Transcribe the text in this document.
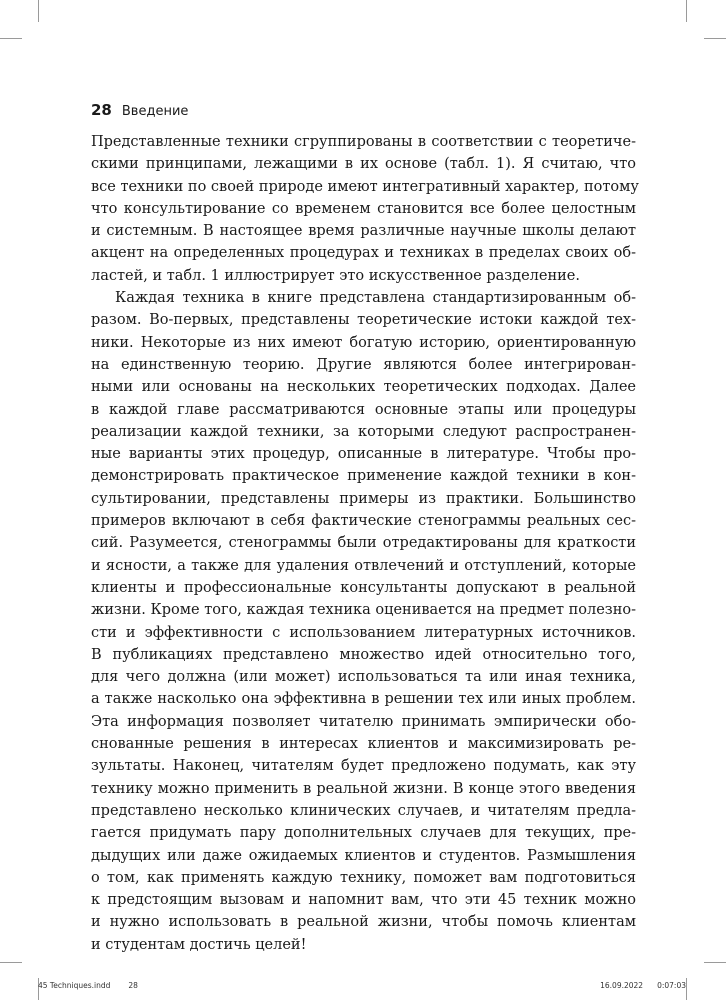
28 Введение
Представленные техники сгруппированы в соответствии с теоретиче-
скими принципами, лежащими в их основе (табл. 1). Я считаю, что
все техники по своей природе имеют интегративный характер, потому
что консультирование со временем становится все более целостным
и системным. В настоящее время различные научные школы делают
акцент на определенных процедурах и техниках в пределах своих об-
ластей, и табл. 1 иллюстрирует это искусственное разделение.
Каждая техника в книге представлена стандартизированным об-
разом. Во-первых, представлены теоретические истоки каждой тех-
ники. Некоторые из них имеют богатую историю, ориентированную
на единственную теорию. Другие являются более интегрирован-
ными или основаны на нескольких теоретических подходах. Далее
в каждой главе рассматриваются основные этапы или процедуры
реализации каждой техники, за которыми следуют распространен-
ные варианты этих процедур, описанные в литературе. Чтобы про-
демонстрировать практическое применение каждой техники в кон-
сультировании, представлены примеры из практики. Большинство
примеров включают в себя фактические стенограммы реальных сес-
сий. Разумеется, стенограммы были отредактированы для краткости
и ясности, а также для удаления отвлечений и отступлений, которые
клиенты и профессиональные консультанты допускают в реальной
жизни. Кроме того, каждая техника оценивается на предмет полезно-
сти и эффективности с использованием литературных источников.
В публикациях представлено множество идей относительно того,
для чего должна (или может) использоваться та или иная техника,
а также насколько она эффективна в решении тех или иных проблем.
Эта информация позволяет читателю принимать эмпирически обо-
снованные решения в интересах клиентов и максимизировать ре-
зультаты. Наконец, читателям будет предложено подумать, как эту
технику можно применить в реальной жизни. В конце этого введения
представлено несколько клинических случаев, и читателям предла-
гается придумать пару дополнительных случаев для текущих, пре-
дыдущих или даже ожидаемых клиентов и студентов. Размышления
о том, как применять каждую технику, поможет вам подготовиться
к предстоящим вызовам и напомнит вам, что эти 45 техник можно
и нужно использовать в реальной жизни, чтобы помочь клиентам
и студентам достичь целей!
45 Techniques.indd 28	16.09.2022 0:07:03
